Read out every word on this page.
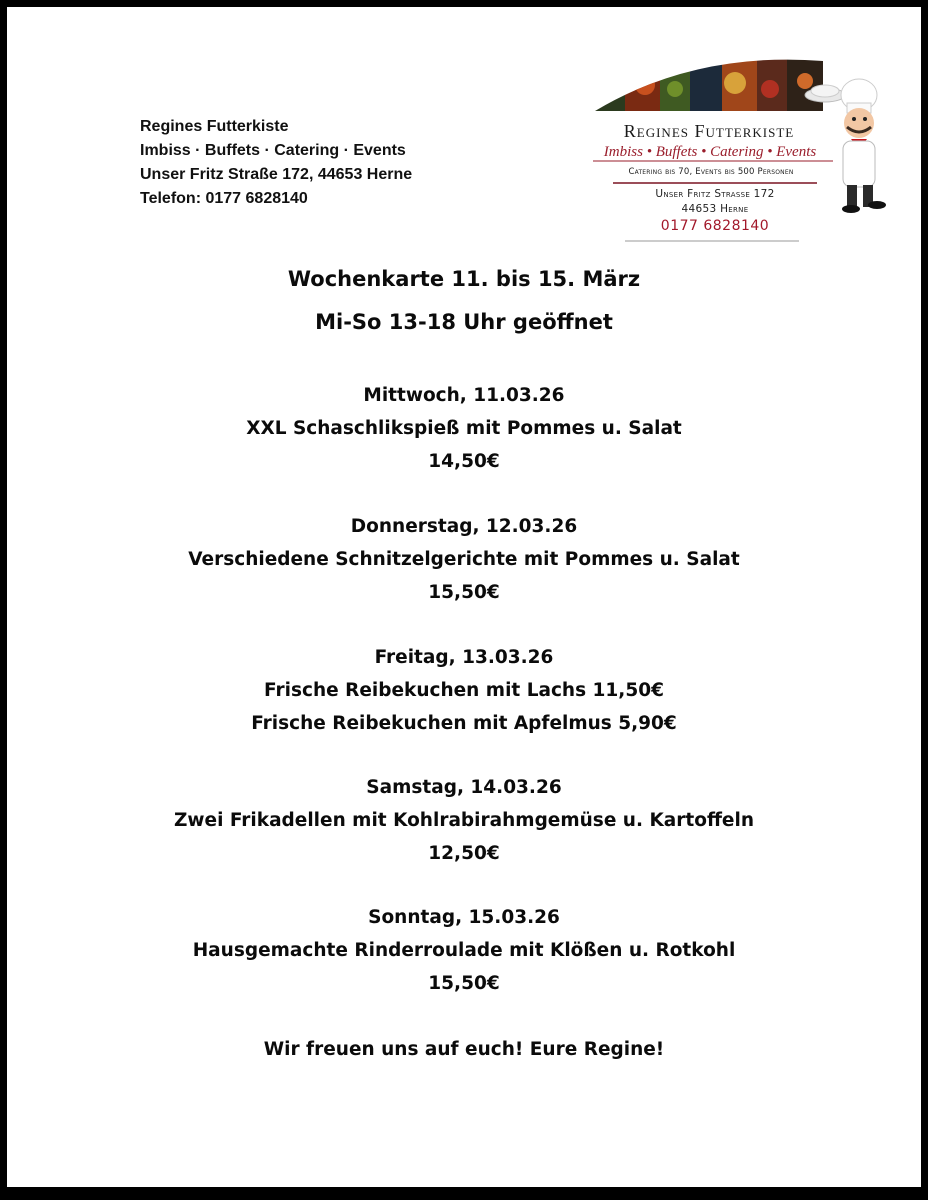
Regines Futterkiste
Imbiss · Buffets · Catering · Events
Unser Fritz Straße 172, 44653 Herne
Telefon: 0177 6828140
Regines Futterkiste
Imbiss • Buffets • Catering • Events
Catering bis 70, Events bis 500 Personen
Unser Fritz Strasse 172
44653 Herne
0177 6828140
Wochenkarte 11. bis 15. März
Mi-So 13-18 Uhr geöffnet
Mittwoch, 11.03.26
XXL Schaschlikspieß mit Pommes u. Salat
14,50€
Donnerstag, 12.03.26
Verschiedene Schnitzelgerichte mit Pommes u. Salat
15,50€
Freitag, 13.03.26
Frische Reibekuchen mit Lachs 11,50€
Frische Reibekuchen mit Apfelmus 5,90€
Samstag, 14.03.26
Zwei Frikadellen mit Kohlrabirahmgemüse u. Kartoffeln
12,50€
Sonntag, 15.03.26
Hausgemachte Rinderroulade mit Klößen u. Rotkohl
15,50€
Wir freuen uns auf euch! Eure Regine!
